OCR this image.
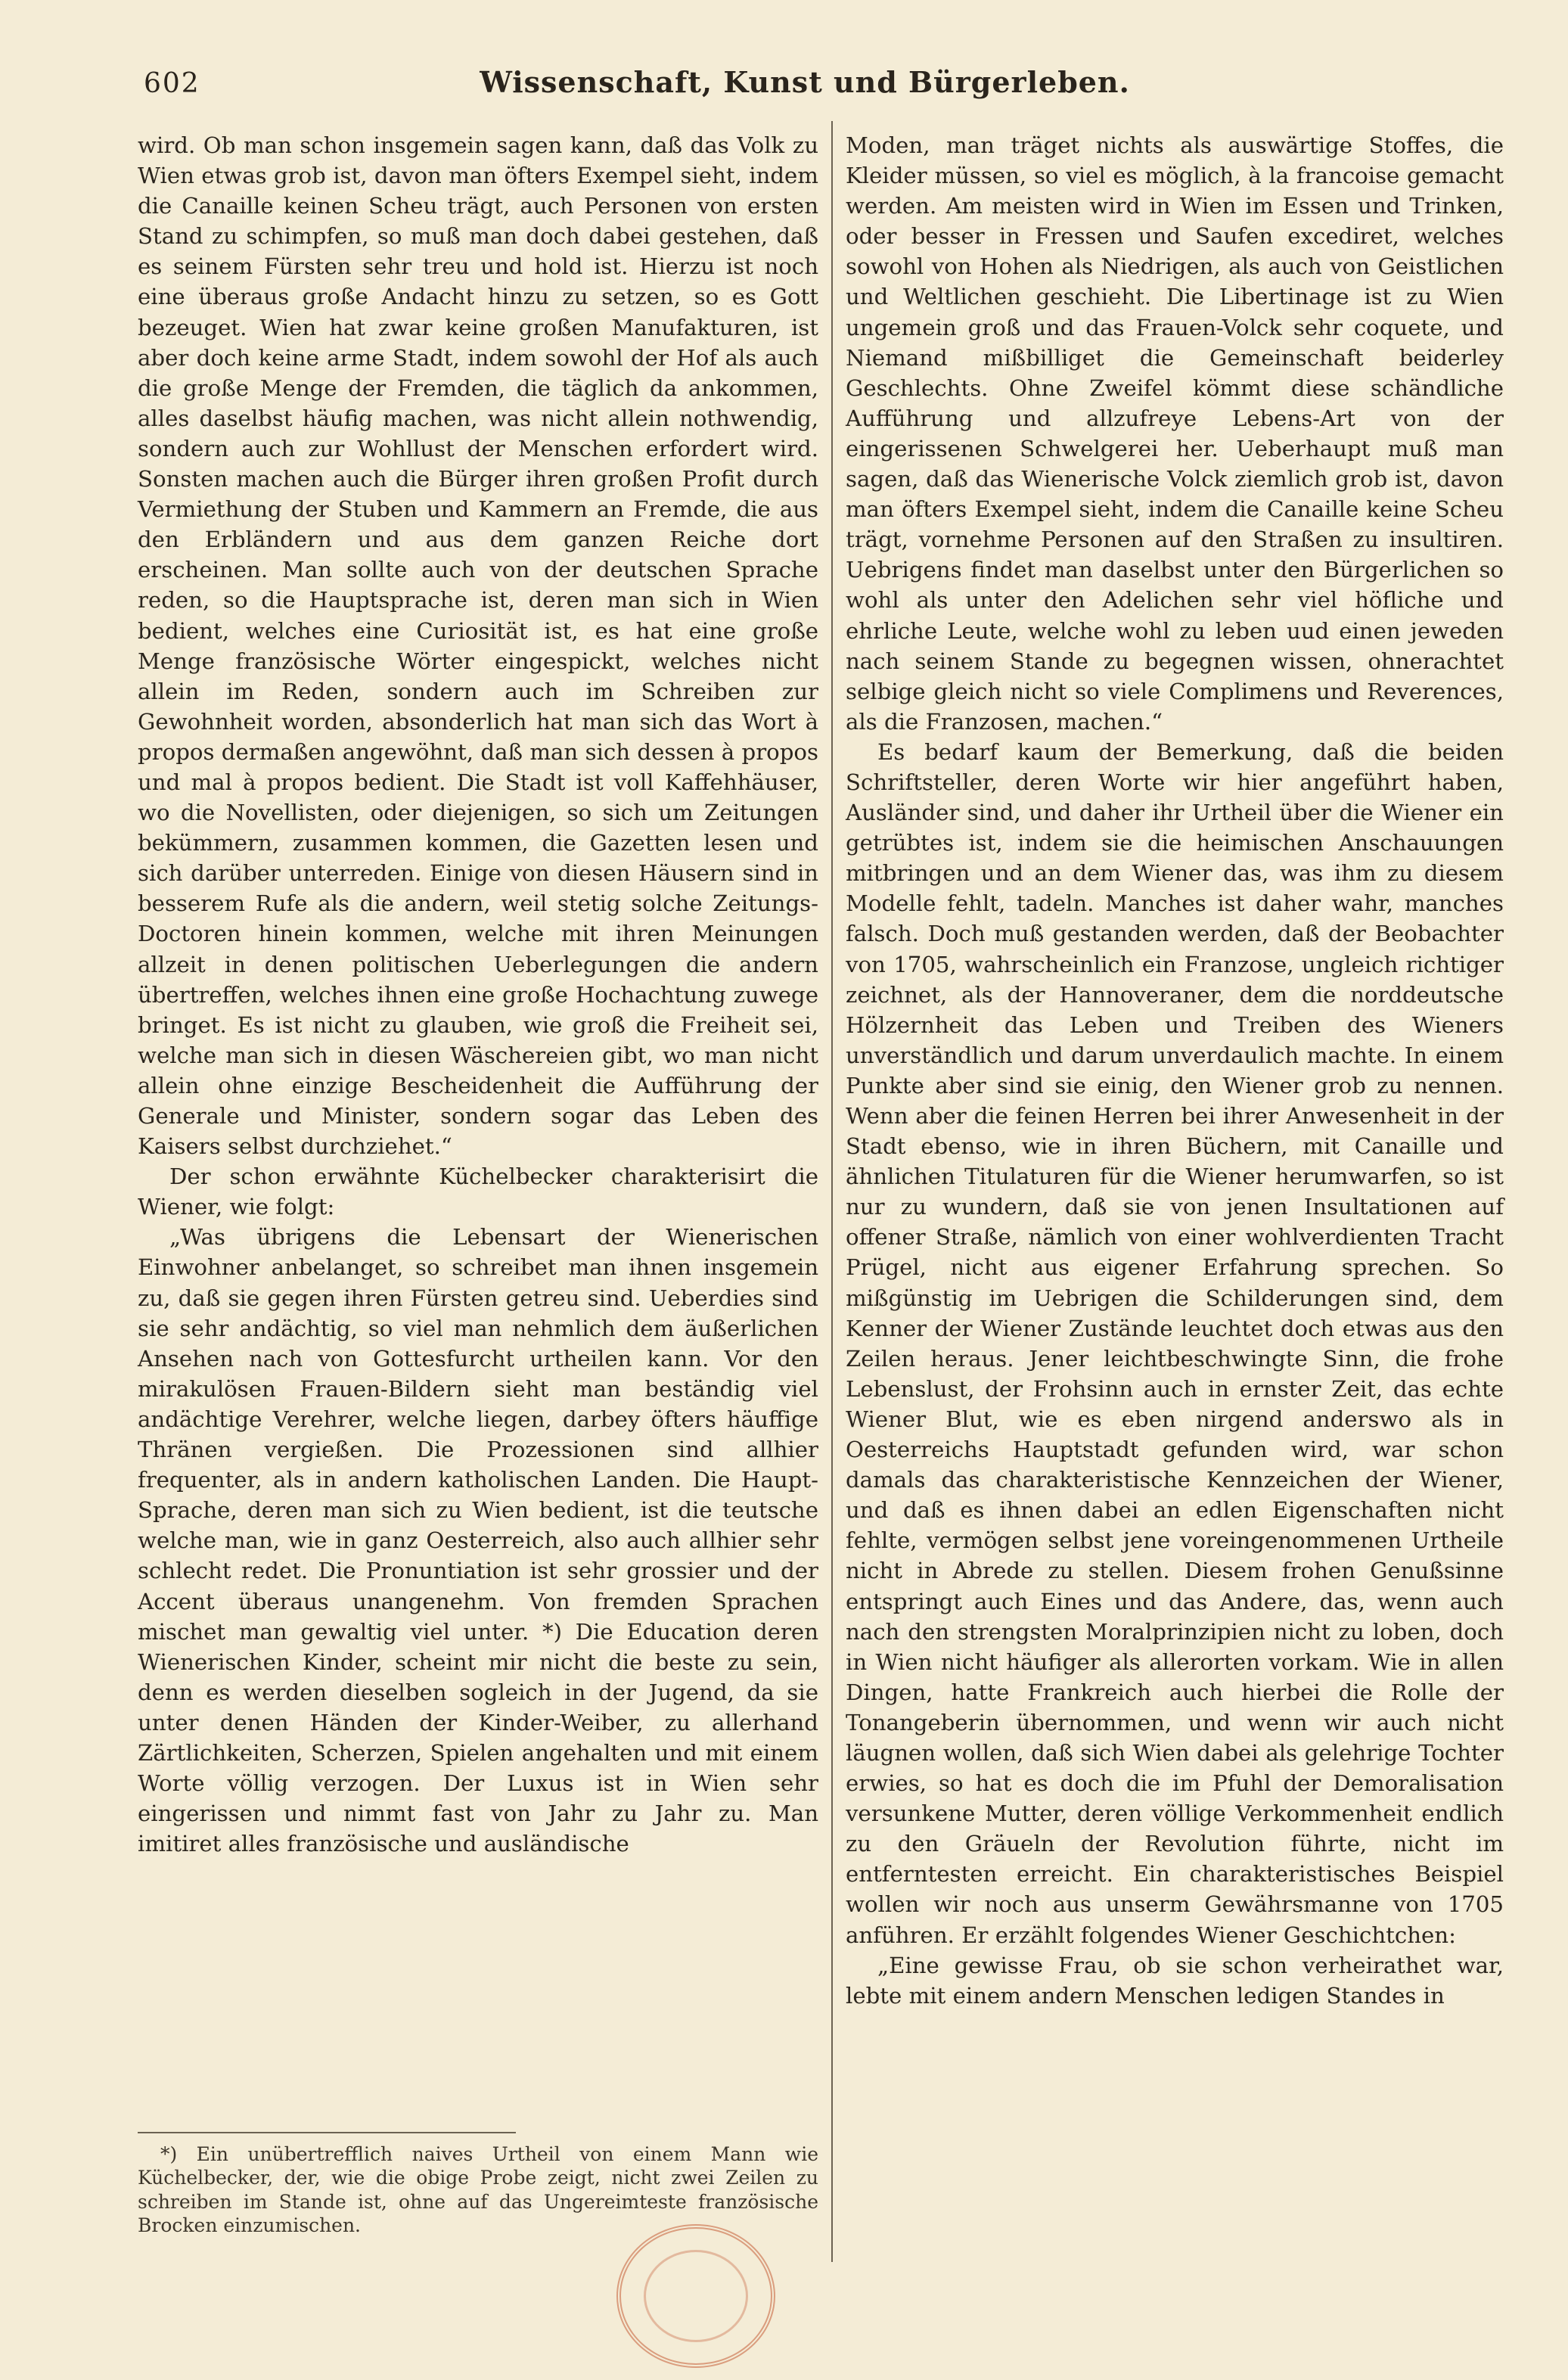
602	Wissenschaft, Kunst und Bürgerleben.

wird. Ob man schon insgemein sagen kann, daß das Volk zu Wien etwas grob ist, davon man öfters Exempel sieht, indem die Canaille keinen Scheu trägt, auch Personen von ersten Stand zu schimpfen, so muß man doch dabei gestehen, daß es seinem Fürsten sehr treu und hold ist. Hierzu ist noch eine überaus große Andacht hinzu zu setzen, so es Gott bezeuget. Wien hat zwar keine großen Manufakturen, ist aber doch keine arme Stadt, indem sowohl der Hof als auch die große Menge der Fremden, die täglich da ankommen, alles daselbst häufig machen, was nicht allein nothwendig, sondern auch zur Wohllust der Menschen erfordert wird. Sonsten machen auch die Bürger ihren großen Profit durch Vermiethung der Stuben und Kammern an Fremde, die aus den Erbländern und aus dem ganzen Reiche dort erscheinen. Man sollte auch von der deutschen Sprache reden, so die Hauptsprache ist, deren man sich in Wien bedient, welches eine Curiosität ist, es hat eine große Menge französische Wörter eingespickt, welches nicht allein im Reden, sondern auch im Schreiben zur Gewohnheit worden, absonderlich hat man sich das Wort à propos dermaßen angewöhnt, daß man sich dessen à propos und mal à propos bedient. Die Stadt ist voll Kaffehhäuser, wo die Novellisten, oder diejenigen, so sich um Zeitungen bekümmern, zusammen kommen, die Gazetten lesen und sich darüber unterreden. Einige von diesen Häusern sind in besserem Rufe als die andern, weil stetig solche Zeitungs-Doctoren hinein kommen, welche mit ihren Meinungen allzeit in denen politischen Ueberlegungen die andern übertreffen, welches ihnen eine große Hochachtung zuwege bringet. Es ist nicht zu glauben, wie groß die Freiheit sei, welche man sich in diesen Wäschereien gibt, wo man nicht allein ohne einzige Bescheidenheit die Aufführung der Generale und Minister, sondern sogar das Leben des Kaisers selbst durchziehet.“

Der schon erwähnte Küchelbecker charakterisirt die Wiener, wie folgt:

„Was übrigens die Lebensart der Wienerischen Einwohner anbelanget, so schreibet man ihnen insgemein zu, daß sie gegen ihren Fürsten getreu sind. Ueberdies sind sie sehr andächtig, so viel man nehmlich dem äußerlichen Ansehen nach von Gottesfurcht urtheilen kann. Vor den mirakulösen Frauen-Bildern sieht man beständig viel andächtige Verehrer, welche liegen, darbey öfters häuffige Thränen vergießen. Die Prozessionen sind allhier frequenter, als in andern katholischen Landen. Die Haupt-Sprache, deren man sich zu Wien bedient, ist die teutsche welche man, wie in ganz Oesterreich, also auch allhier sehr schlecht redet. Die Pronuntiation ist sehr grossier und der Accent überaus unangenehm. Von fremden Sprachen mischet man gewaltig viel unter. *) Die Education deren Wienerischen Kinder, scheint mir nicht die beste zu sein, denn es werden dieselben sogleich in der Jugend, da sie unter denen Händen der Kinder-Weiber, zu allerhand Zärtlichkeiten, Scherzen, Spielen angehalten und mit einem Worte völlig verzogen. Der Luxus ist in Wien sehr eingerissen und nimmt fast von Jahr zu Jahr zu. Man imitiret alles französische und ausländische

Moden, man träget nichts als auswärtige Stoffes, die Kleider müssen, so viel es möglich, à la francoise gemacht werden. Am meisten wird in Wien im Essen und Trinken, oder besser in Fressen und Saufen excediret, welches sowohl von Hohen als Niedrigen, als auch von Geistlichen und Weltlichen geschieht. Die Libertinage ist zu Wien ungemein groß und das Frauen-Volck sehr coquete, und Niemand mißbilliget die Gemeinschaft beiderley Geschlechts. Ohne Zweifel kömmt diese schändliche Aufführung und allzufreye Lebens-Art von der eingerissenen Schwelgerei her. Ueberhaupt muß man sagen, daß das Wienerische Volck ziemlich grob ist, davon man öfters Exempel sieht, indem die Canaille keine Scheu trägt, vornehme Personen auf den Straßen zu insultiren. Uebrigens findet man daselbst unter den Bürgerlichen so wohl als unter den Adelichen sehr viel höfliche und ehrliche Leute, welche wohl zu leben uud einen jeweden nach seinem Stande zu begegnen wissen, ohnerachtet selbige gleich nicht so viele Complimens und Reverences, als die Franzosen, machen.“

Es bedarf kaum der Bemerkung, daß die beiden Schriftsteller, deren Worte wir hier angeführt haben, Ausländer sind, und daher ihr Urtheil über die Wiener ein getrübtes ist, indem sie die heimischen Anschauungen mitbringen und an dem Wiener das, was ihm zu diesem Modelle fehlt, tadeln. Manches ist daher wahr, manches falsch. Doch muß gestanden werden, daß der Beobachter von 1705, wahrscheinlich ein Franzose, ungleich richtiger zeichnet, als der Hannoveraner, dem die norddeutsche Hölzernheit das Leben und Treiben des Wieners unverständlich und darum unverdaulich machte. In einem Punkte aber sind sie einig, den Wiener grob zu nennen. Wenn aber die feinen Herren bei ihrer Anwesenheit in der Stadt ebenso, wie in ihren Büchern, mit Canaille und ähnlichen Titulaturen für die Wiener herumwarfen, so ist nur zu wundern, daß sie von jenen Insultationen auf offener Straße, nämlich von einer wohlverdienten Tracht Prügel, nicht aus eigener Erfahrung sprechen. So mißgünstig im Uebrigen die Schilderungen sind, dem Kenner der Wiener Zustände leuchtet doch etwas aus den Zeilen heraus. Jener leichtbeschwingte Sinn, die frohe Lebenslust, der Frohsinn auch in ernster Zeit, das echte Wiener Blut, wie es eben nirgend anderswo als in Oesterreichs Hauptstadt gefunden wird, war schon damals das charakteristische Kennzeichen der Wiener, und daß es ihnen dabei an edlen Eigenschaften nicht fehlte, vermögen selbst jene voreingenommenen Urtheile nicht in Abrede zu stellen. Diesem frohen Genußsinne entspringt auch Eines und das Andere, das, wenn auch nach den strengsten Moralprinzipien nicht zu loben, doch in Wien nicht häufiger als allerorten vorkam. Wie in allen Dingen, hatte Frankreich auch hierbei die Rolle der Tonangeberin übernommen, und wenn wir auch nicht läugnen wollen, daß sich Wien dabei als gelehrige Tochter erwies, so hat es doch die im Pfuhl der Demoralisation versunkene Mutter, deren völlige Verkommenheit endlich zu den Gräueln der Revolution führte, nicht im entferntesten erreicht. Ein charakteristisches Beispiel wollen wir noch aus unserm Gewährsmanne von 1705 anführen. Er erzählt folgendes Wiener Geschichtchen:

„Eine gewisse Frau, ob sie schon verheirathet war, lebte mit einem andern Menschen ledigen Standes in

*) Ein unübertrefflich naives Urtheil von einem Mann wie Küchelbecker, der, wie die obige Probe zeigt, nicht zwei Zeilen zu schreiben im Stande ist, ohne auf das Ungereimteste französische Brocken einzumischen.
